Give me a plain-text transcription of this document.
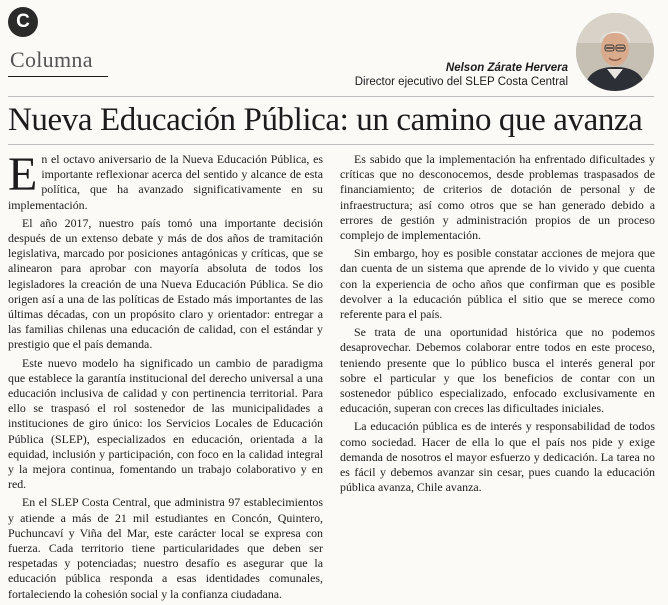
C
Columna	Nelson Zárate Hervera
Director ejecutivo del SLEP Costa Central
Nueva Educación Pública: un camino que avanza

En el octavo aniversario de la Nueva Educación Pública, es importante reflexionar acerca del sentido y alcance de esta política, que ha avanzado significativamente en su implementación.

El año 2017, nuestro país tomó una importante decisión después de un extenso debate y más de dos años de tramitación legislativa, marcado por posiciones antagónicas y críticas, que se alinearon para aprobar con mayoría absoluta de todos los legisladores la creación de una Nueva Educación Pública. Se dio origen así a una de las políticas de Estado más importantes de las últimas décadas, con un propósito claro y orientador: entregar a las familias chilenas una educación de calidad, con el estándar y prestigio que el país demanda.

Este nuevo modelo ha significado un cambio de paradigma que establece la garantía institucional del derecho universal a una educación inclusiva de calidad y con pertinencia territorial. Para ello se traspasó el rol sostenedor de las municipalidades a instituciones de giro único: los Servicios Locales de Educación Pública (SLEP), especializados en educación, orientada a la equidad, inclusión y participación, con foco en la calidad integral y la mejora continua, fomentando un trabajo colaborativo y en red.

En el SLEP Costa Central, que administra 97 establecimientos y atiende a más de 21 mil estudiantes en Concón, Quintero, Puchuncaví y Viña del Mar, este carácter local se expresa con fuerza. Cada territorio tiene particularidades que deben ser respetadas y potenciadas; nuestro desafío es asegurar que la educación pública responda a esas identidades comunales, fortaleciendo la cohesión social y la confianza ciudadana.

Es sabido que la implementación ha enfrentado dificultades y críticas que no desconocemos, desde problemas traspasados de financiamiento; de criterios de dotación de personal y de infraestructura; así como otros que se han generado debido a errores de gestión y administración propios de un proceso complejo de implementación.

Sin embargo, hoy es posible constatar acciones de mejora que dan cuenta de un sistema que aprende de lo vivido y que cuenta con la experiencia de ocho años que confirman que es posible devolver a la educación pública el sitio que se merece como referente para el país.

Se trata de una oportunidad histórica que no podemos desaprovechar. Debemos colaborar entre todos en este proceso, teniendo presente que lo público busca el interés general por sobre el particular y que los beneficios de contar con un sostenedor público especializado, enfocado exclusivamente en educación, superan con creces las dificultades iniciales.

La educación pública es de interés y responsabilidad de todos como sociedad. Hacer de ella lo que el país nos pide y exige demanda de nosotros el mayor esfuerzo y dedicación. La tarea no es fácil y debemos avanzar sin cesar, pues cuando la educación pública avanza, Chile avanza.
